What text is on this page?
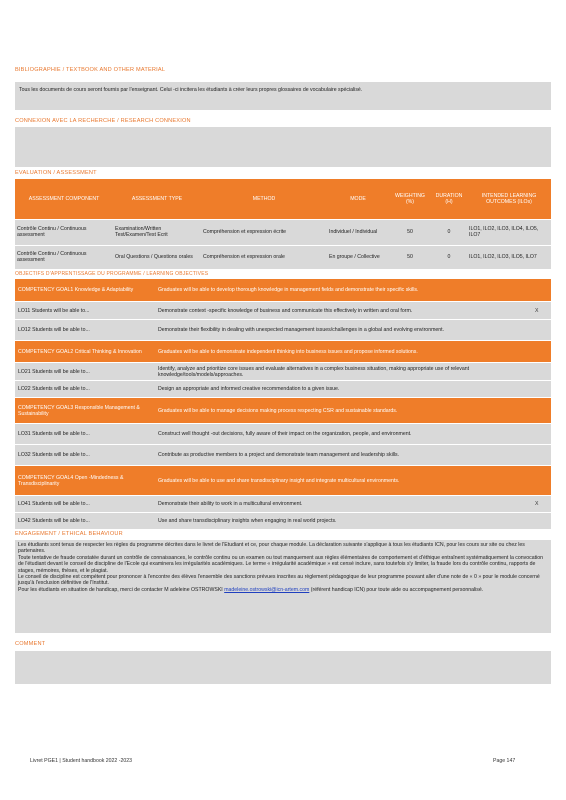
BIBLIOGRAPHIE / TEXTBOOK AND OTHER MATERIAL
Tous les documents de cours seront fournis par l'enseignant. Celui -ci incitera les étudiants à créer leurs propres glossaires de vocabulaire spécialisé.
CONNEXION AVEC LA RECHERCHE / RESEARCH CONNEXION
EVALUATION / ASSESSMENT
ASSESSMENT COMPONENT	ASSESSMENT TYPE	METHOD	MODE	WEIGHTING (%)	DURATION (H)	INTENDED LEARNING OUTCOMES (ILOs)
Contrôle Continu / Continuous assessment	Examination/Written Test/Examen/Test Ecrit	Compréhension et expression écrite	Individuel / Individual	50	0	ILO1, ILO2, ILO3, ILO4, ILO5, ILO7
Contrôle Continu / Continuous assessment	Oral Questions / Questions orales	Compréhension et expression orale	En groupe / Collective	50	0	ILO1, ILO2, ILO3, ILO5, ILO7
OBJECTIFS D'APPRENTISSAGE DU PROGRAMME / LEARNING OBJECTIVES
COMPETENCY GOAL1 Knowledge & Adaptability	Graduates will be able to develop thorough knowledge in management fields and demonstrate their specific skills.
LO11 Students will be able to...	Demonstrate context -specific knowledge of business and communicate this effectively in written and oral form.	X
LO12 Students will be able to...	Demonstrate their flexibility in dealing with unexpected management issues/challenges in a global and evolving environment.
COMPETENCY GOAL2 Critical Thinking & Innovation	Graduates will be able to demonstrate independent thinking into business issues and propose informed solutions.
LO21 Students will be able to...	Identify, analyze and prioritize core issues and evaluate alternatives in a complex business situation, making appropriate use of relevant knowledge/tools/models/approaches.
LO22 Students will be able to...	Design an appropriate and informed creative recommendation to a given issue.
COMPETENCY GOAL3 Responsible Management & Sustainability	Graduates will be able to manage decisions making process respecting CSR and sustainable standards.
LO31 Students will be able to...	Construct well thought -out decisions, fully aware of their impact on the organization, people, and environment.
LO32 Students will be able to...	Contribute as productive members to a project and demonstrate team management and leadership skills.
COMPETENCY GOAL4 Open -Mindedness & Transdisciplinarity	Graduates will be able to use and share transdisciplinary insight and integrate multicultural environments.
LO41 Students will be able to...	Demonstrate their ability to work in a multicultural environment.	X
LO42 Students will be able to...	Use and share transdisciplinary insights when engaging in real world projects.
ENGAGEMENT / ETHICAL BEHAVIOUR
Les étudiants sont tenus de respecter les règles du programme décrites dans le livret de l'Etudiant et ce, pour chaque module. La déclaration suivante s'applique à tous les étudiants ICN, pour les cours sur site ou chez les partenaires.
Toute tentative de fraude constatée durant un contrôle de connaissances, le contrôle continu ou un examen ou tout manquement aux règles élémentaires de comportement et d'éthique entraînent systématiquement la convocation de l'étudiant devant le conseil de discipline de l'Ecole qui examinera les irrégularités académiques. Le terme « irrégularité académique » est censé inclure, sans toutefois s'y limiter, la fraude lors du contrôle continu, rapports de stages, mémoires, thèses, et le plagiat.
Le conseil de discipline est compétent pour prononcer à l'encontre des élèves l'ensemble des sanctions prévues inscrites au règlement pédagogique de leur programme pouvant aller d'une note de « 0 » pour le module concerné jusqu'à l'exclusion définitive de l'Institut.
Pour les étudiants en situation de handicap, merci de contacter M adeleine OSTROWSKI madeleine.ostrowski@icn-artem.com (référent handicap ICN) pour toute aide ou accompagnement personnalisé.
COMMENT
Livret PGE1 | Student handbook 2022 -2023	Page 147
